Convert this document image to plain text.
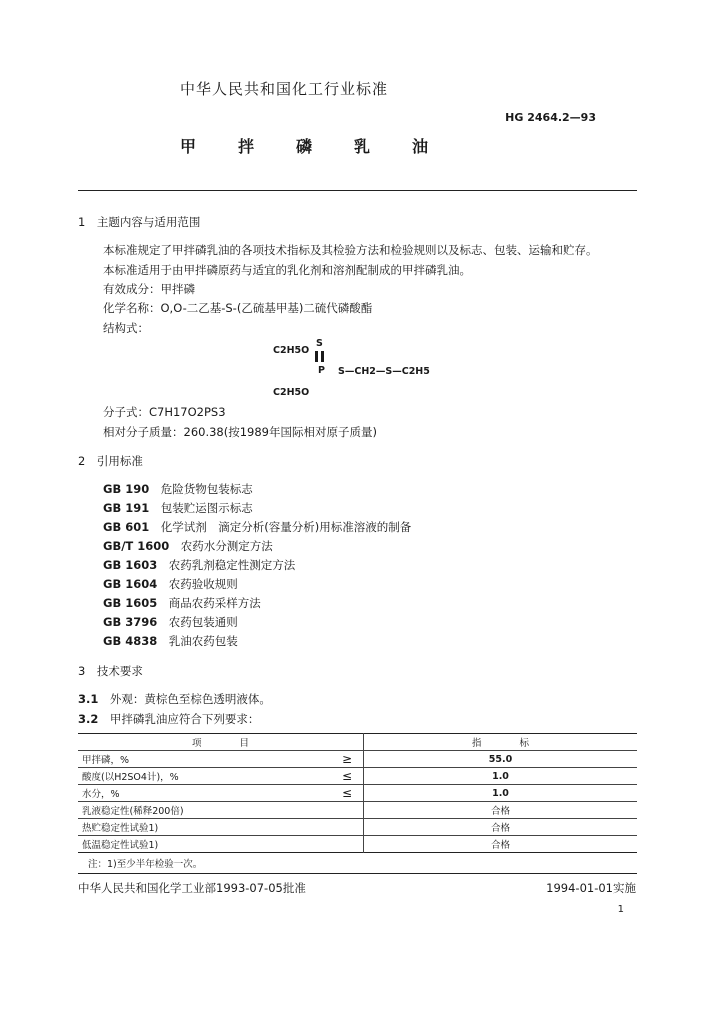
中华人民共和国化工行业标准
HG 2464.2—93
甲拌磷乳油
1　主题内容与适用范围
本标准规定了甲拌磷乳油的各项技术指标及其检验方法和检验规则以及标志、包装、运输和贮存。
本标准适用于由甲拌磷原药与适宜的乳化剂和溶剂配制成的甲拌磷乳油。
有效成分：甲拌磷
化学名称：O,O-二乙基-S-(乙硫基甲基)二硫代磷酸酯
结构式：
S
C2H5O
P S—CH2—S—C2H5
C2H5O
分子式：C7H17O2PS3
相对分子质量：260.38(按1989年国际相对原子质量)
2　引用标准
GB 190　 危险货物包装标志
GB 191　 包装贮运图示标志
GB 601　 化学试剂　滴定分析(容量分析)用标准溶液的制备
GB/T 1600　 农药水分测定方法
GB 1603　 农药乳剂稳定性测定方法
GB 1604　 农药验收规则
GB 1605　 商品农药采样方法
GB 3796　 农药包装通则
GB 4838　 乳油农药包装
3　技术要求
3.1　 外观：黄棕色至棕色透明液体。
3.2　 甲拌磷乳油应符合下列要求：
项　　　　目		指　　　　标
甲拌磷，%	≥	55.0
酸度(以H2SO4计)，%	≤	1.0
水分，%	≤	1.0
乳液稳定性(稀释200倍)		合格
热贮稳定性试验1)		合格
低温稳定性试验1)		合格
注：1)至少半年检验一次。
中华人民共和国化学工业部1993-07-05批准	1994-01-01实施
1
